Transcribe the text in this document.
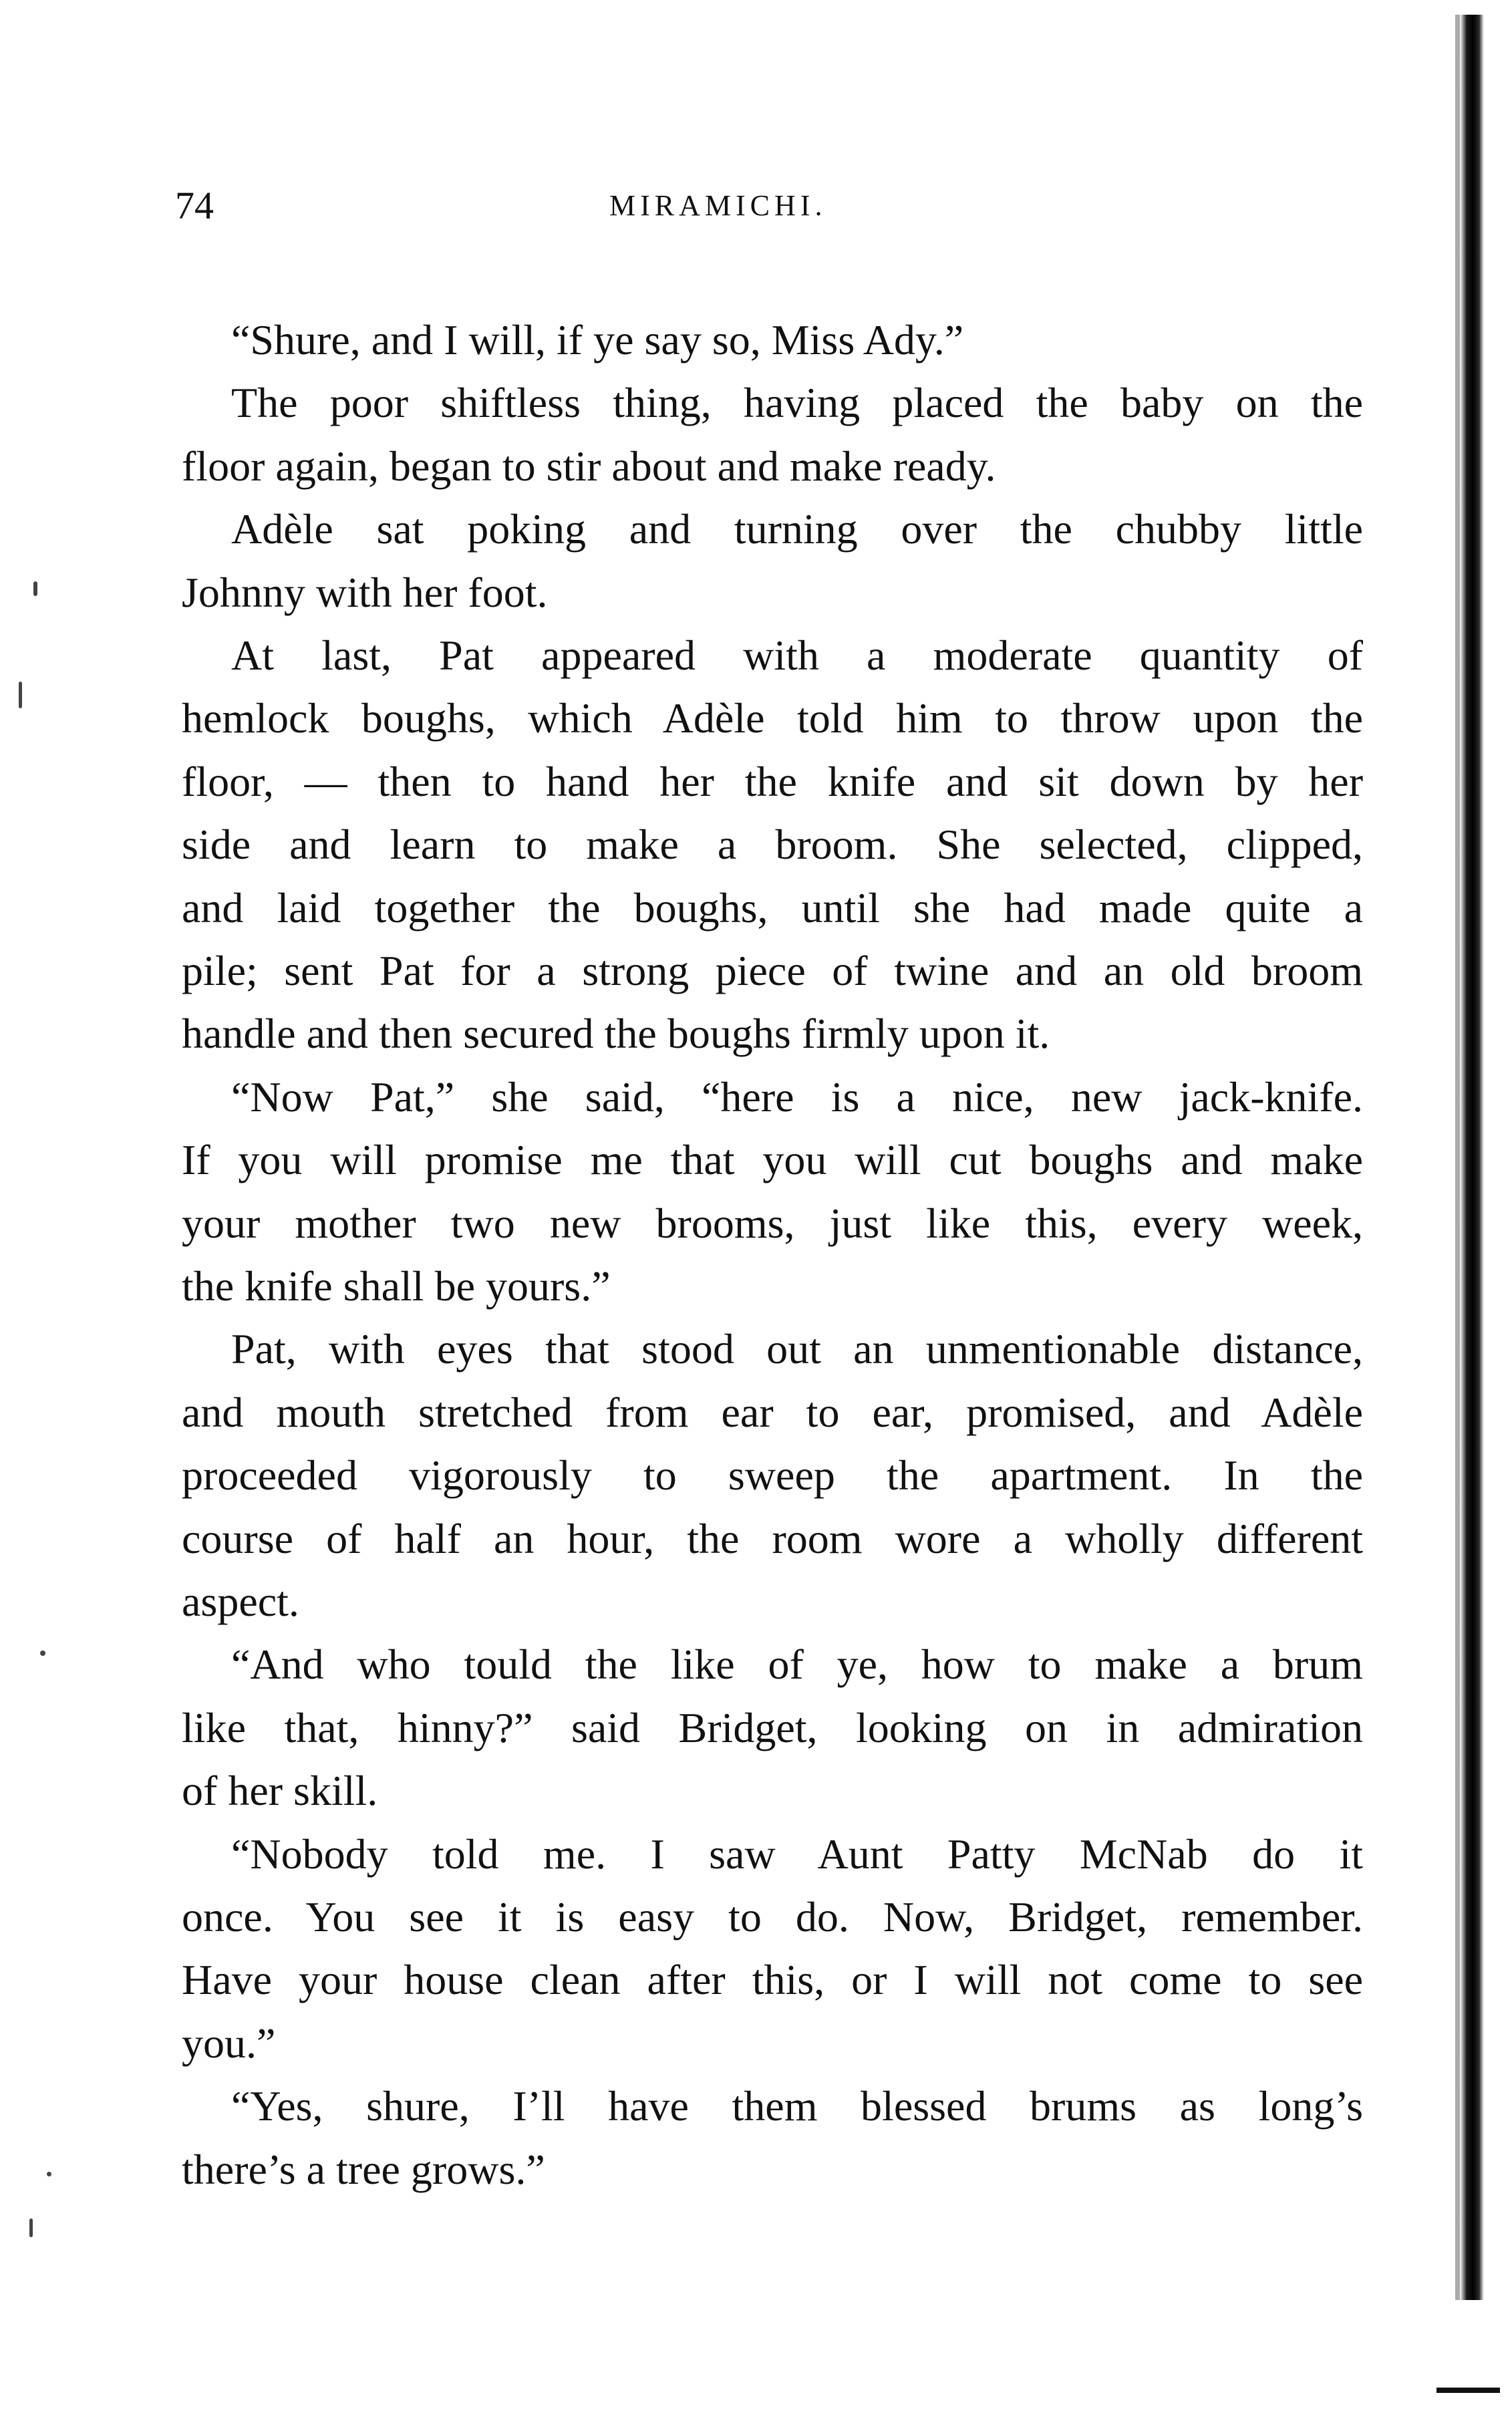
74	MIRAMICHI.
“Shure, and I will, if ye say so, Miss Ady.”
The poor shiftless thing, having placed the baby on the
floor again, began to stir about and make ready.
Adèle sat poking and turning over the chubby little
Johnny with her foot.
At last, Pat appeared with a moderate quantity of
hemlock boughs, which Adèle told him to throw upon the
floor, — then to hand her the knife and sit down by her
side and learn to make a broom. She selected, clipped,
and laid together the boughs, until she had made quite a
pile; sent Pat for a strong piece of twine and an old broom
handle and then secured the boughs firmly upon it.
“Now Pat,” she said, “here is a nice, new jack-knife.
If you will promise me that you will cut boughs and make
your mother two new brooms, just like this, every week,
the knife shall be yours.”
Pat, with eyes that stood out an unmentionable distance,
and mouth stretched from ear to ear, promised, and Adèle
proceeded vigorously to sweep the apartment. In the
course of half an hour, the room wore a wholly different
aspect.
“And who tould the like of ye, how to make a brum
like that, hinny?” said Bridget, looking on in admiration
of her skill.
“Nobody told me. I saw Aunt Patty McNab do it
once. You see it is easy to do. Now, Bridget, remember.
Have your house clean after this, or I will not come to see
you.”
“Yes, shure, I’ll have them blessed brums as long’s
there’s a tree grows.”
